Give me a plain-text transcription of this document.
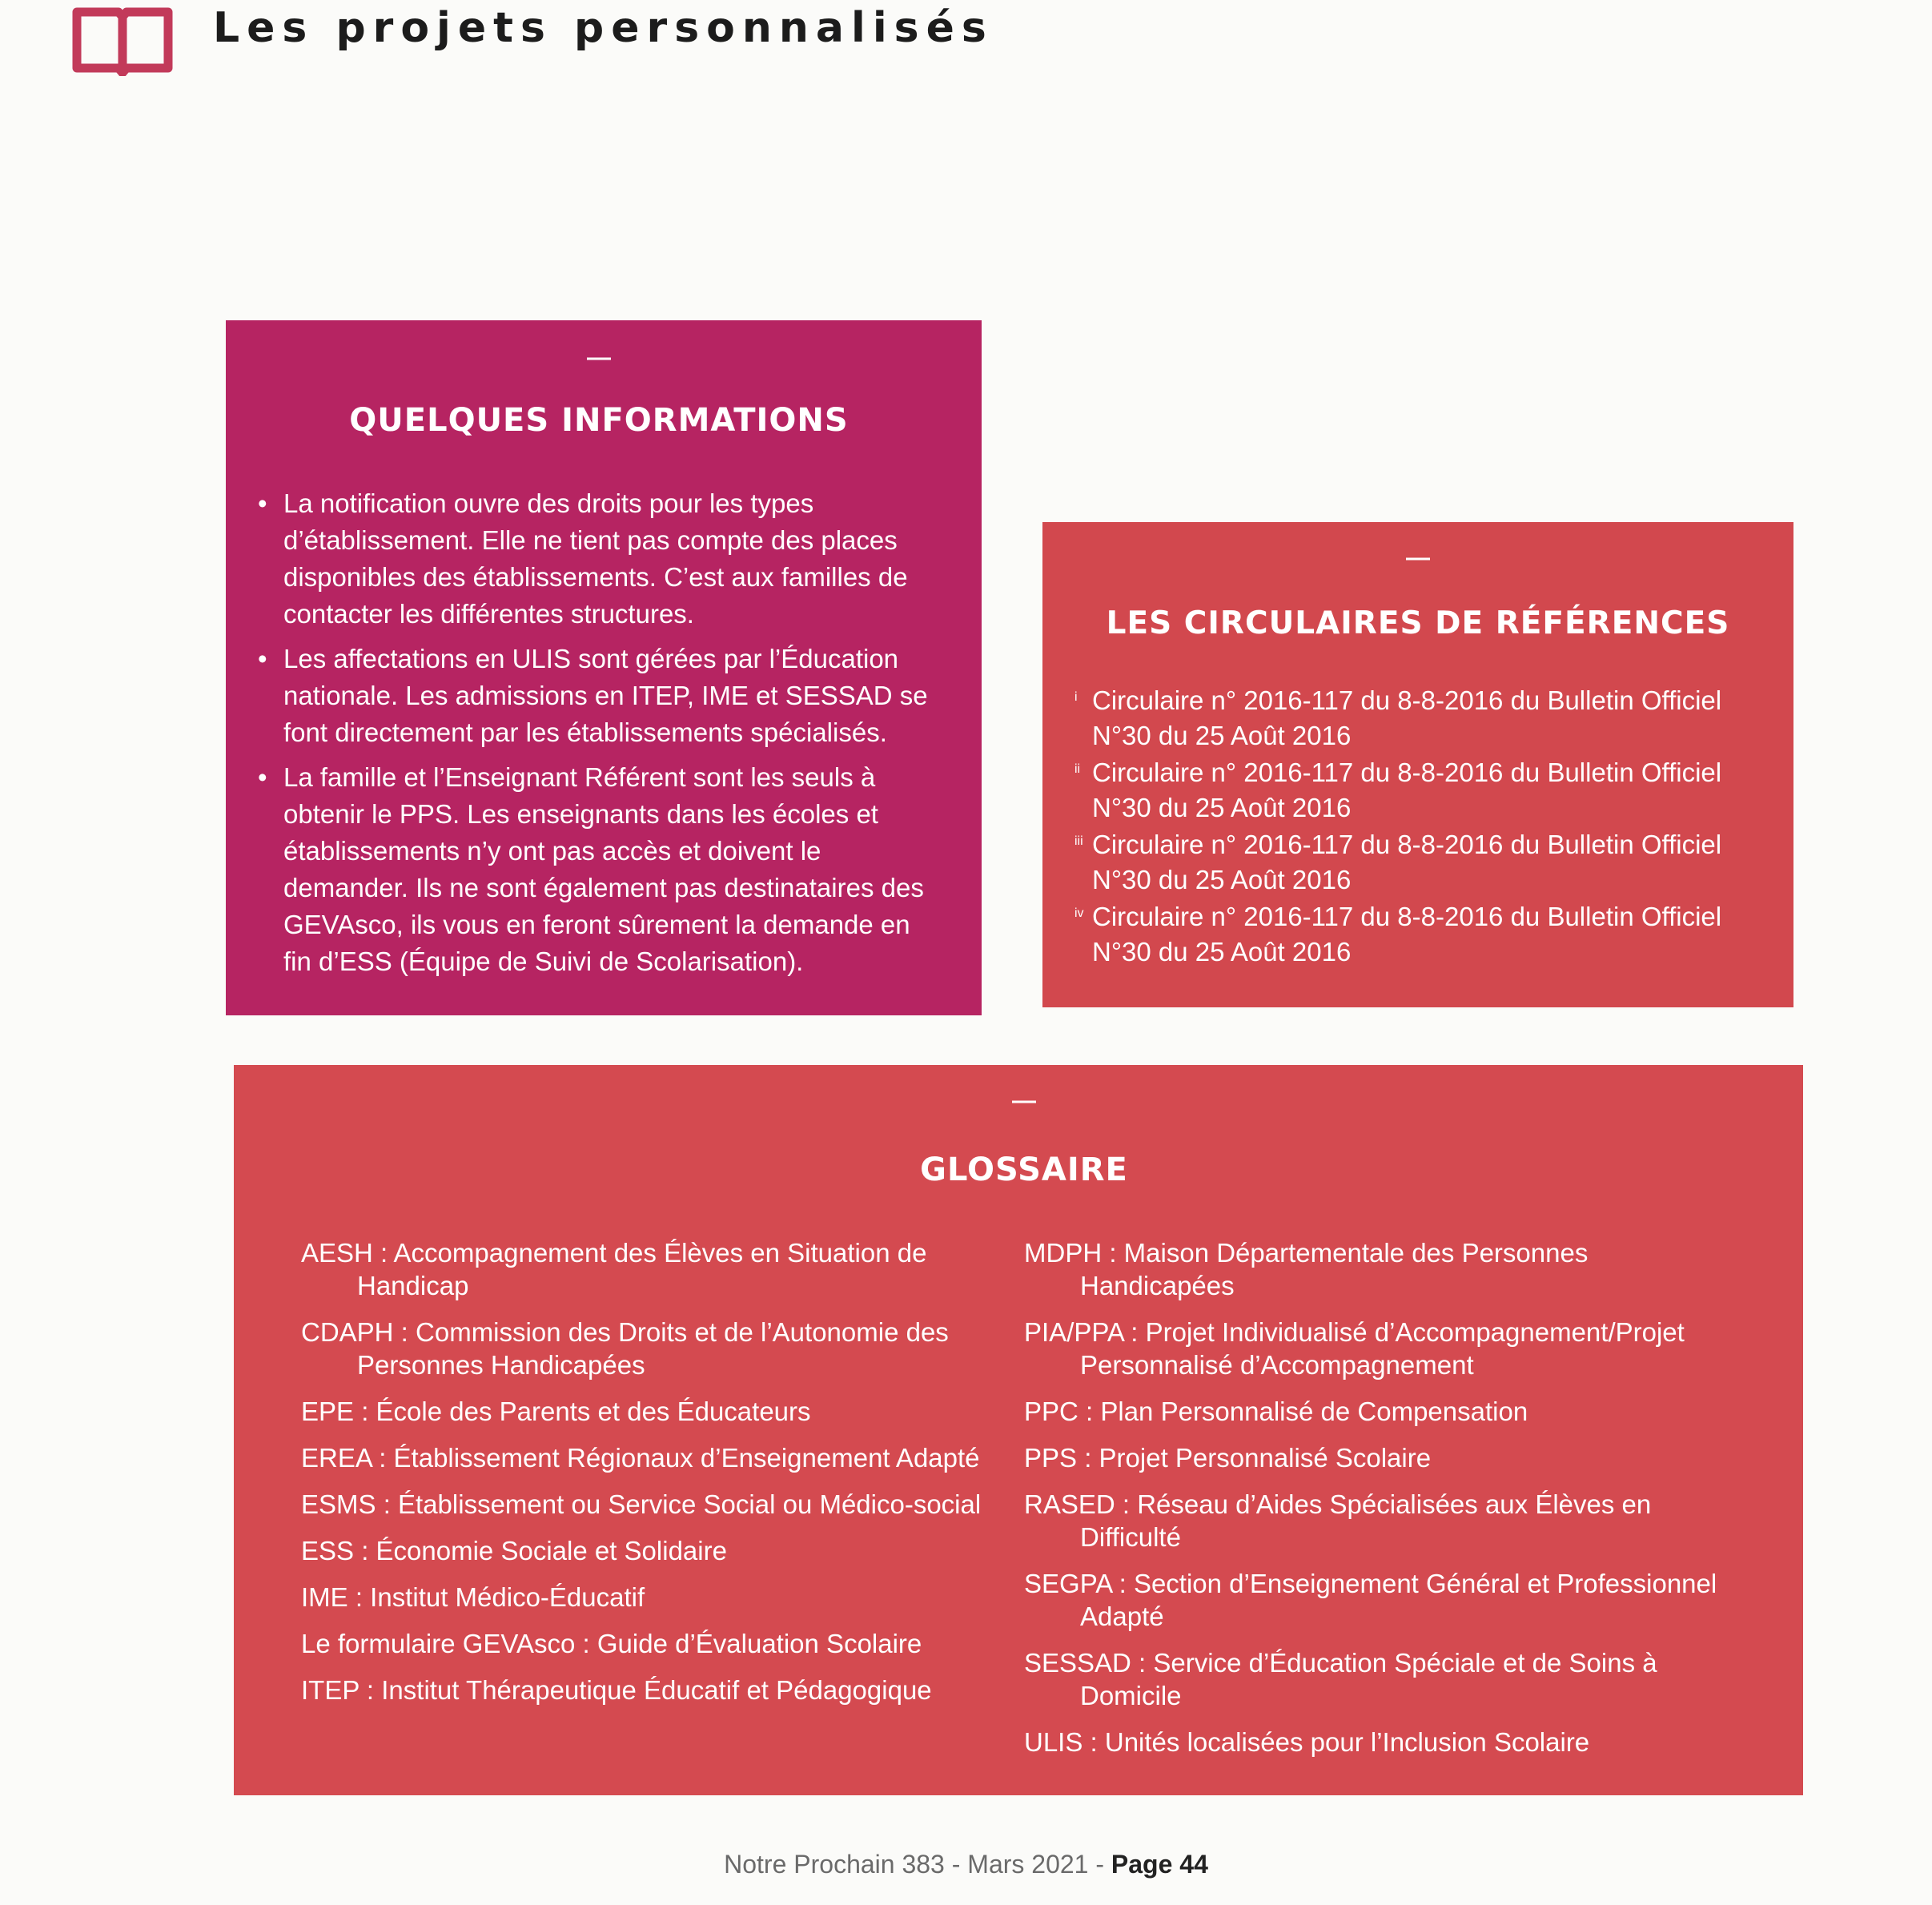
Les projets personnalisés
—
QUELQUES INFORMATIONS
• La notification ouvre des droits pour les types d’établissement. Elle ne tient pas compte des places disponibles des établissements. C’est aux familles de contacter les différentes structures.
• Les affectations en ULIS sont gérées par l’Éducation nationale. Les admissions en ITEP, IME et SESSAD se font directement par les établissements spécialisés.
• La famille et l’Enseignant Référent sont les seuls à obtenir le PPS. Les enseignants dans les écoles et établissements n’y ont pas accès et doivent le demander. Ils ne sont également pas destinataires des GEVAsco, ils vous en feront sûrement la demande en fin d’ESS (Équipe de Suivi de Scolarisation).
—
LES CIRCULAIRES DE RÉFÉRENCES
i Circulaire n° 2016-117 du 8-8-2016 du Bulletin Officiel N°30 du 25 Août 2016
ii Circulaire n° 2016-117 du 8-8-2016 du Bulletin Officiel N°30 du 25 Août 2016
iii Circulaire n° 2016-117 du 8-8-2016 du Bulletin Officiel N°30 du 25 Août 2016
iv Circulaire n° 2016-117 du 8-8-2016 du Bulletin Officiel N°30 du 25 Août 2016
—
GLOSSAIRE
AESH : Accompagnement des Élèves en Situation de Handicap
CDAPH : Commission des Droits et de l’Autonomie des Personnes Handicapées
EPE : École des Parents et des Éducateurs
EREA : Établissement Régionaux d’Enseignement Adapté
ESMS : Établissement ou Service Social ou Médico-social
ESS : Économie Sociale et Solidaire
IME : Institut Médico-Éducatif
Le formulaire GEVAsco : Guide d’Évaluation Scolaire
ITEP : Institut Thérapeutique Éducatif et Pédagogique
MDPH : Maison Départementale des Personnes Handicapées
PIA/PPA : Projet Individualisé d’Accompagnement/Projet Personnalisé d’Accompagnement
PPC : Plan Personnalisé de Compensation
PPS : Projet Personnalisé Scolaire
RASED : Réseau d’Aides Spécialisées aux Élèves en Difficulté
SEGPA : Section d’Enseignement Général et Professionnel Adapté
SESSAD : Service d’Éducation Spéciale et de Soins à Domicile
ULIS : Unités localisées pour l’Inclusion Scolaire
Notre Prochain 383 - Mars 2021 - Page 44
